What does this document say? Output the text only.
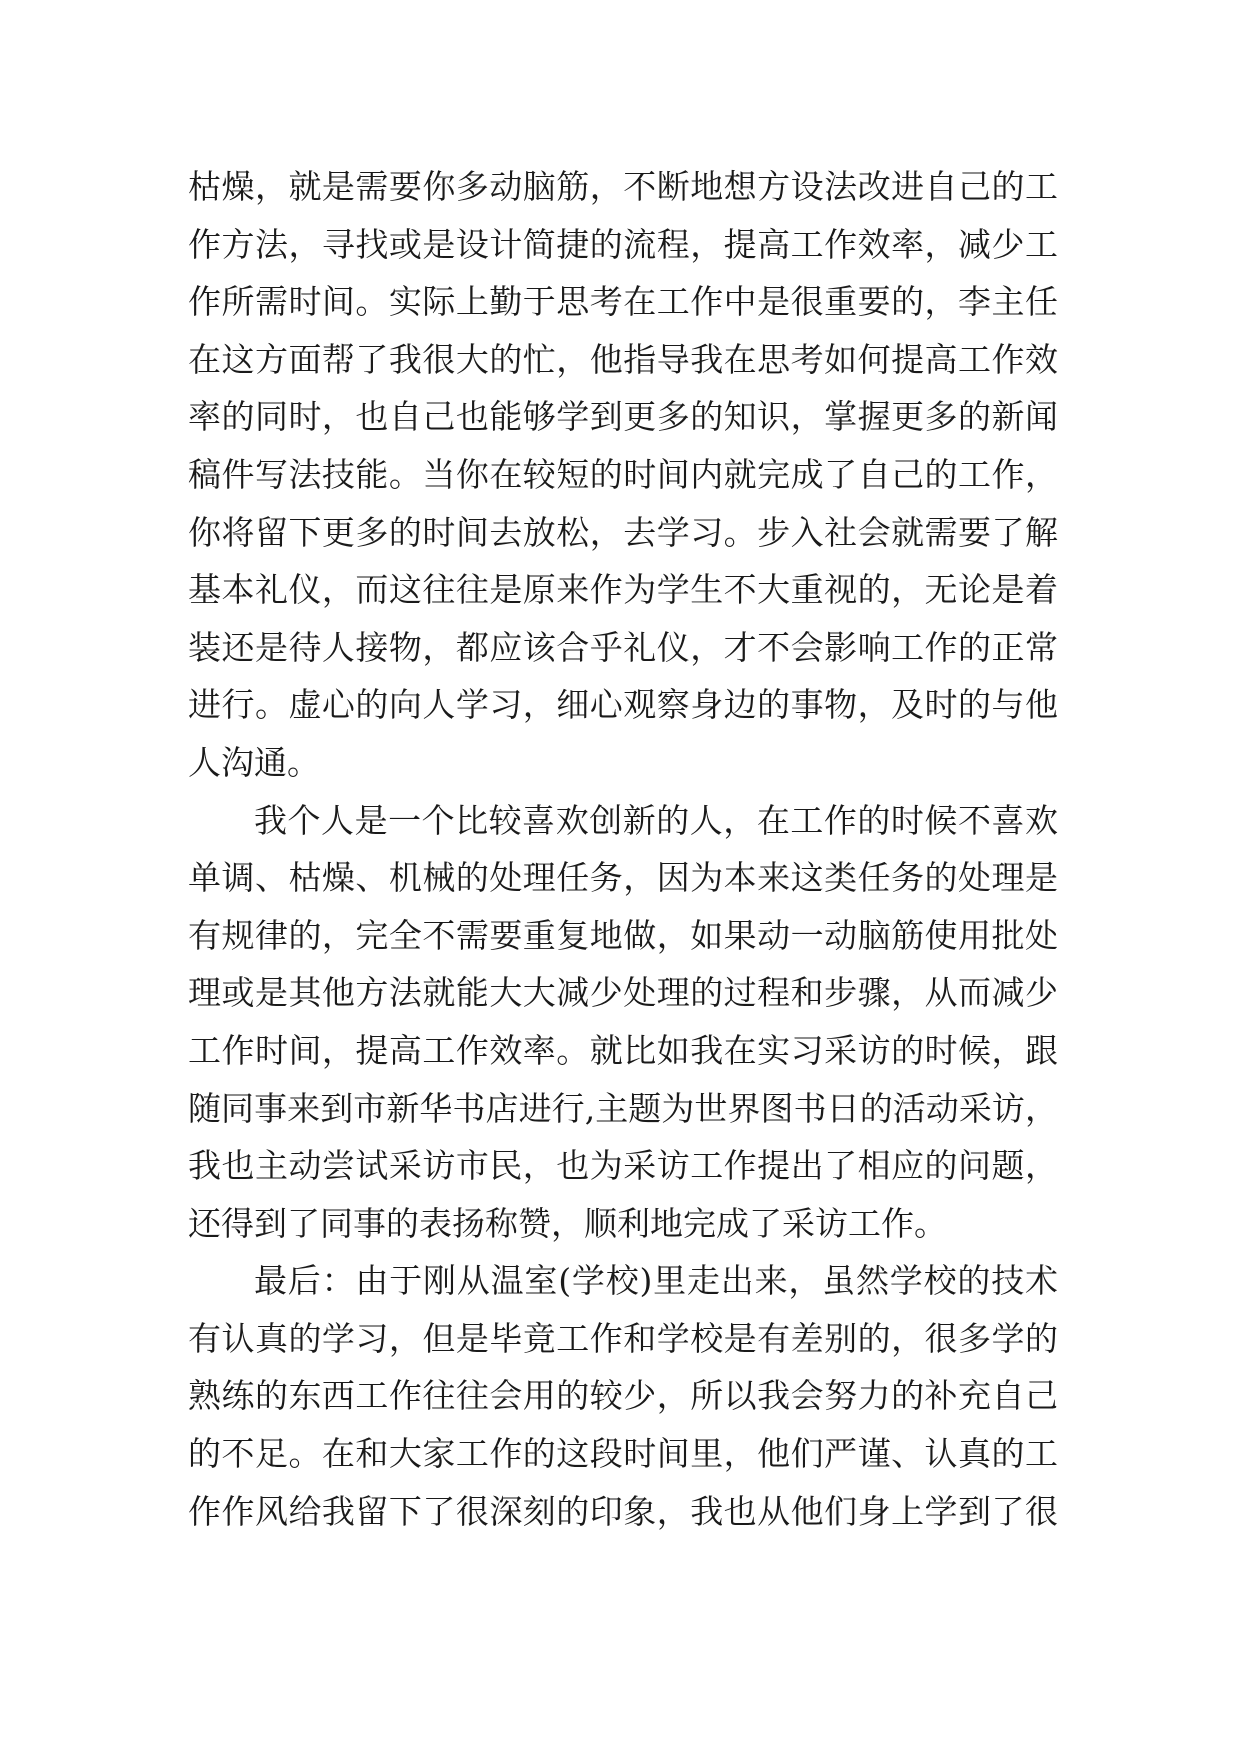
枯燥，就是需要你多动脑筋，不断地想方设法改进自己的工
作方法，寻找或是设计简捷的流程，提高工作效率，减少工
作所需时间。实际上勤于思考在工作中是很重要的，李主任
在这方面帮了我很大的忙，他指导我在思考如何提高工作效
率的同时，也自己也能够学到更多的知识，掌握更多的新闻
稿件写法技能。当你在较短的时间内就完成了自己的工作，
你将留下更多的时间去放松，去学习。步入社会就需要了解
基本礼仪，而这往往是原来作为学生不大重视的，无论是着
装还是待人接物，都应该合乎礼仪，才不会影响工作的正常
进行。虚心的向人学习，细心观察身边的事物，及时的与他
人沟通。
我个人是一个比较喜欢创新的人，在工作的时候不喜欢
单调、枯燥、机械的处理任务，因为本来这类任务的处理是
有规律的，完全不需要重复地做，如果动一动脑筋使用批处
理或是其他方法就能大大减少处理的过程和步骤，从而减少
工作时间，提高工作效率。就比如我在实习采访的时候，跟
随同事来到市新华书店进行,主题为世界图书日的活动采访，
我也主动尝试采访市民，也为采访工作提出了相应的问题，
还得到了同事的表扬称赞，顺利地完成了采访工作。
最后：由于刚从温室(学校)里走出来，虽然学校的技术
有认真的学习，但是毕竟工作和学校是有差别的，很多学的
熟练的东西工作往往会用的较少，所以我会努力的补充自己
的不足。在和大家工作的这段时间里，他们严谨、认真的工
作作风给我留下了很深刻的印象，我也从他们身上学到了很
